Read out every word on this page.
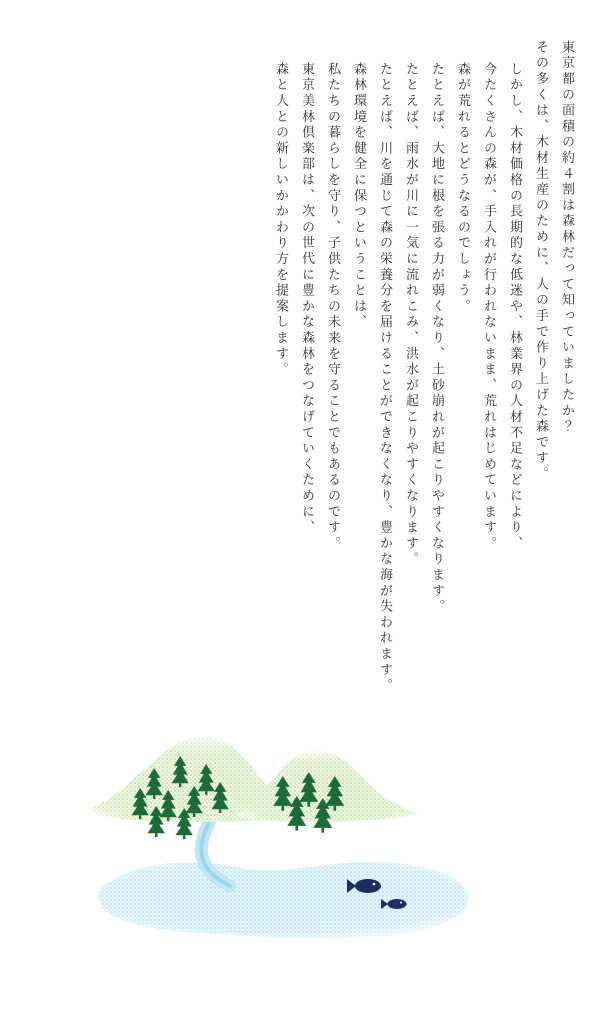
森と人との新しいかかわり方を提案します。 東京美林倶楽部は、次の世代に豊かな森林をつなげていくために、 私たちの暮らしを守り、子供たちの未来を守ることでもあるのです。 森林環境を健全に保つということは、 たとえば、川を通じて森の栄養分を届けることができなくなり、豊かな海が失われます。 たとえば、雨水が川に一気に流れこみ、洪水が起こりやすくなります。 たとえば、大地に根を張る力が弱くなり、土砂崩れが起こりやすくなります。 森が荒れるとどうなるのでしょう。 今たくさんの森が、手入れが行われないまま、荒れはじめています。 しかし、木材価格の長期的な低迷や、林業界の人材不足などにより、 その多くは、木材生産のために、人の手で作り上げた森です。 東京都の面積の約４割は森林だって知っていましたか？
